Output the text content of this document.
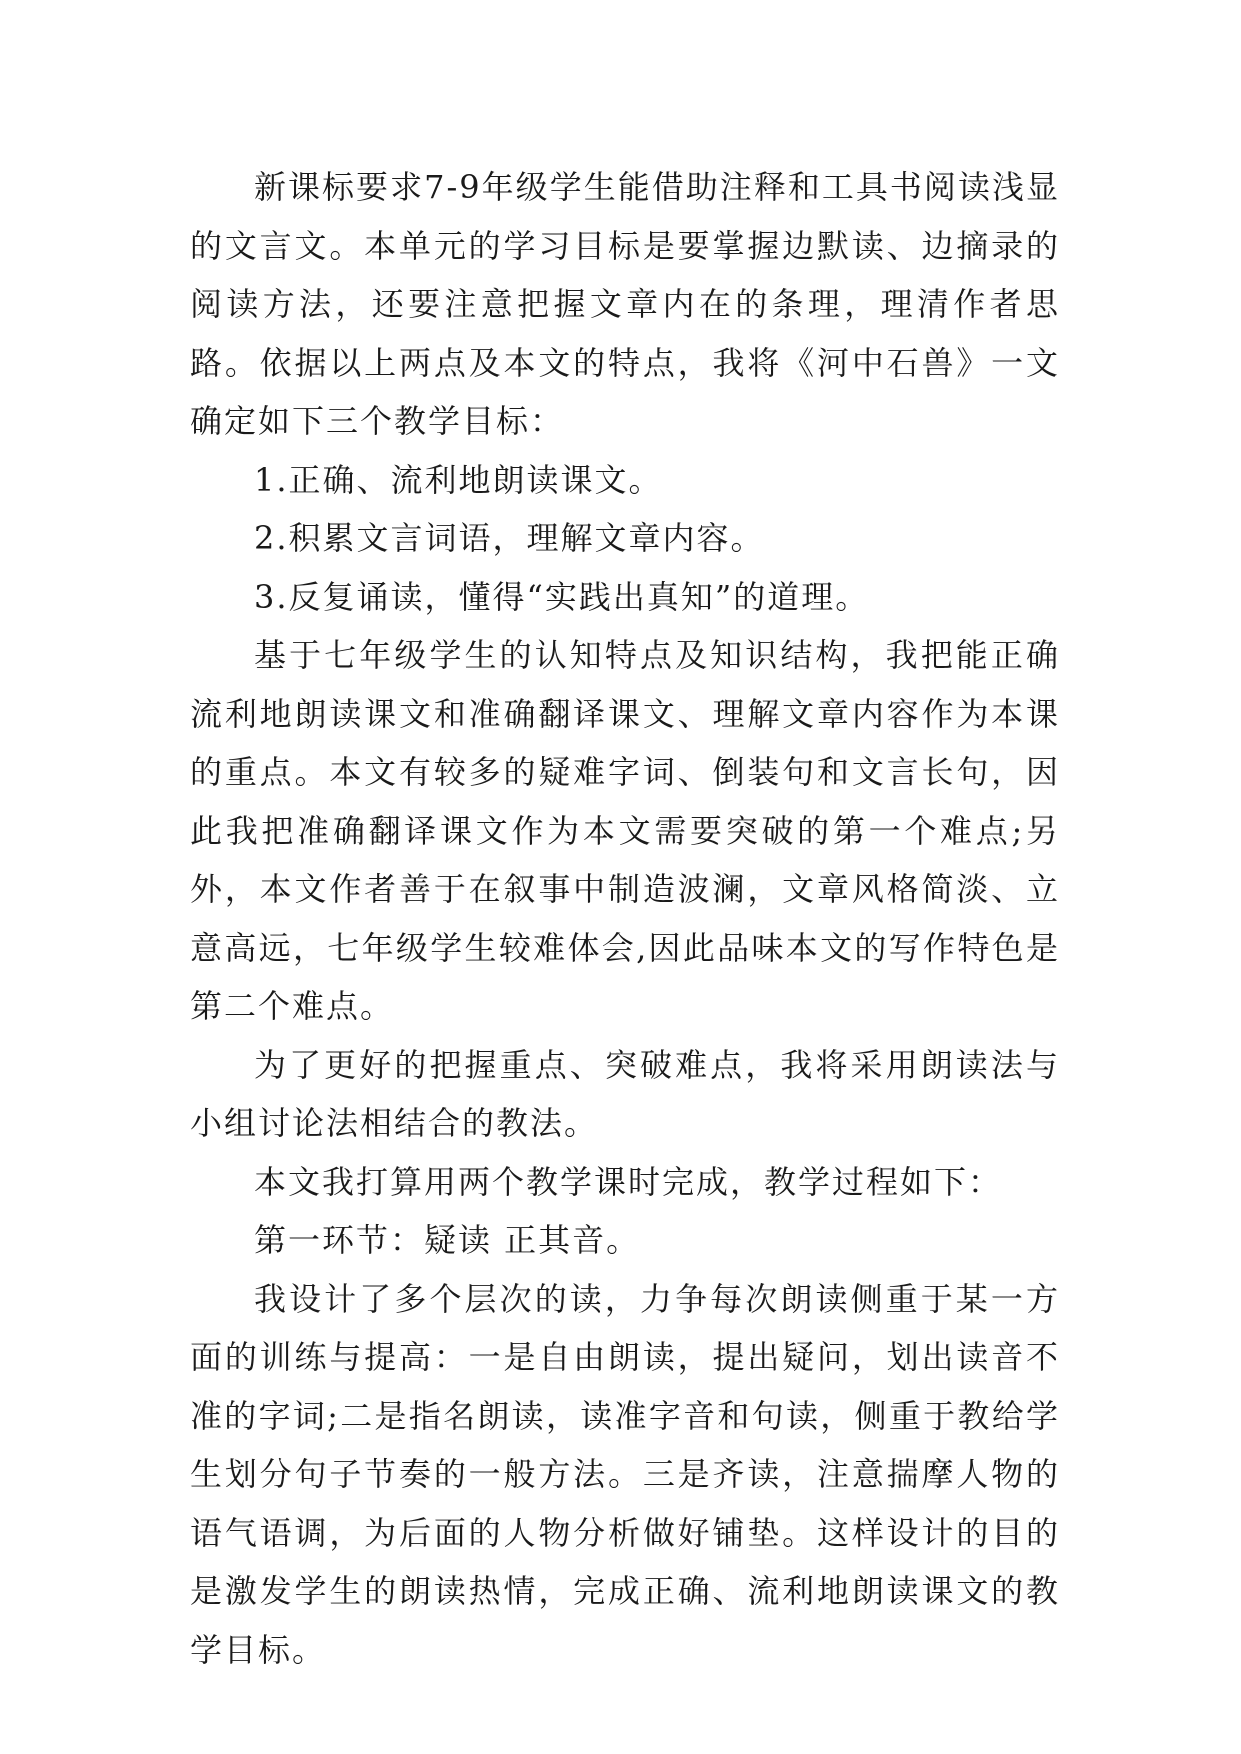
新课标要求7-9年级学生能借助注释和工具书阅读浅显的文言文。本单元的学习目标是要掌握边默读、边摘录的阅读方法，还要注意把握文章内在的条理，理清作者思路。依据以上两点及本文的特点，我将《河中石兽》一文确定如下三个教学目标：

1.正确、流利地朗读课文。

2.积累文言词语，理解文章内容。

3.反复诵读，懂得“实践出真知”的道理。

基于七年级学生的认知特点及知识结构，我把能正确流利地朗读课文和准确翻译课文、理解文章内容作为本课的重点。本文有较多的疑难字词、倒装句和文言长句，因此我把准确翻译课文作为本文需要突破的第一个难点;另外，本文作者善于在叙事中制造波澜，文章风格简淡、立意高远，七年级学生较难体会,因此品味本文的写作特色是第二个难点。

为了更好的把握重点、突破难点，我将采用朗读法与小组讨论法相结合的教法。

本文我打算用两个教学课时完成，教学过程如下：

第一环节：疑读 正其音。

我设计了多个层次的读，力争每次朗读侧重于某一方面的训练与提高：一是自由朗读，提出疑问，划出读音不准的字词;二是指名朗读，读准字音和句读，侧重于教给学生划分句子节奏的一般方法。三是齐读，注意揣摩人物的语气语调，为后面的人物分析做好铺垫。这样设计的目的是激发学生的朗读热情，完成正确、流利地朗读课文的教学目标。
